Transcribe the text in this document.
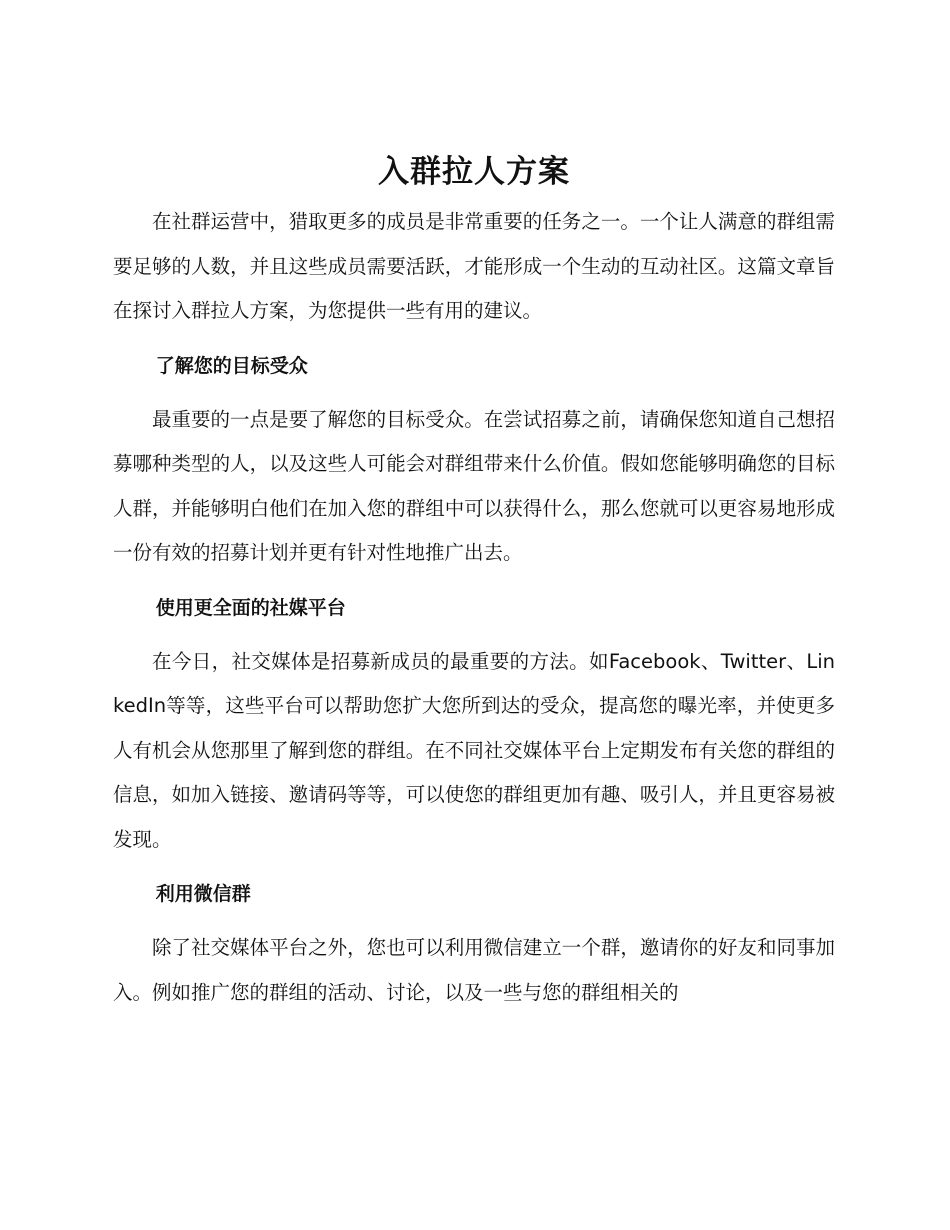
入群拉人方案

在社群运营中，猎取更多的成员是非常重要的任务之一。一个让人满意的群组需要足够的人数，并且这些成员需要活跃，才能形成一个生动的互动社区。这篇文章旨在探讨入群拉人方案，为您提供一些有用的建议。

了解您的目标受众

最重要的一点是要了解您的目标受众。在尝试招募之前，请确保您知道自己想招募哪种类型的人，以及这些人可能会对群组带来什么价值。假如您能够明确您的目标人群，并能够明白他们在加入您的群组中可以获得什么，那么您就可以更容易地形成一份有效的招募计划并更有针对性地推广出去。

使用更全面的社媒平台

在今日，社交媒体是招募新成员的最重要的方法。如Facebook、Twitter、LinkedIn等等，这些平台可以帮助您扩大您所到达的受众，提高您的曝光率，并使更多人有机会从您那里了解到您的群组。在不同社交媒体平台上定期发布有关您的群组的信息，如加入链接、邀请码等等，可以使您的群组更加有趣、吸引人，并且更容易被发现。

利用微信群

除了社交媒体平台之外，您也可以利用微信建立一个群，邀请你的好友和同事加入。例如推广您的群组的活动、讨论，以及一些与您的群组相关的
